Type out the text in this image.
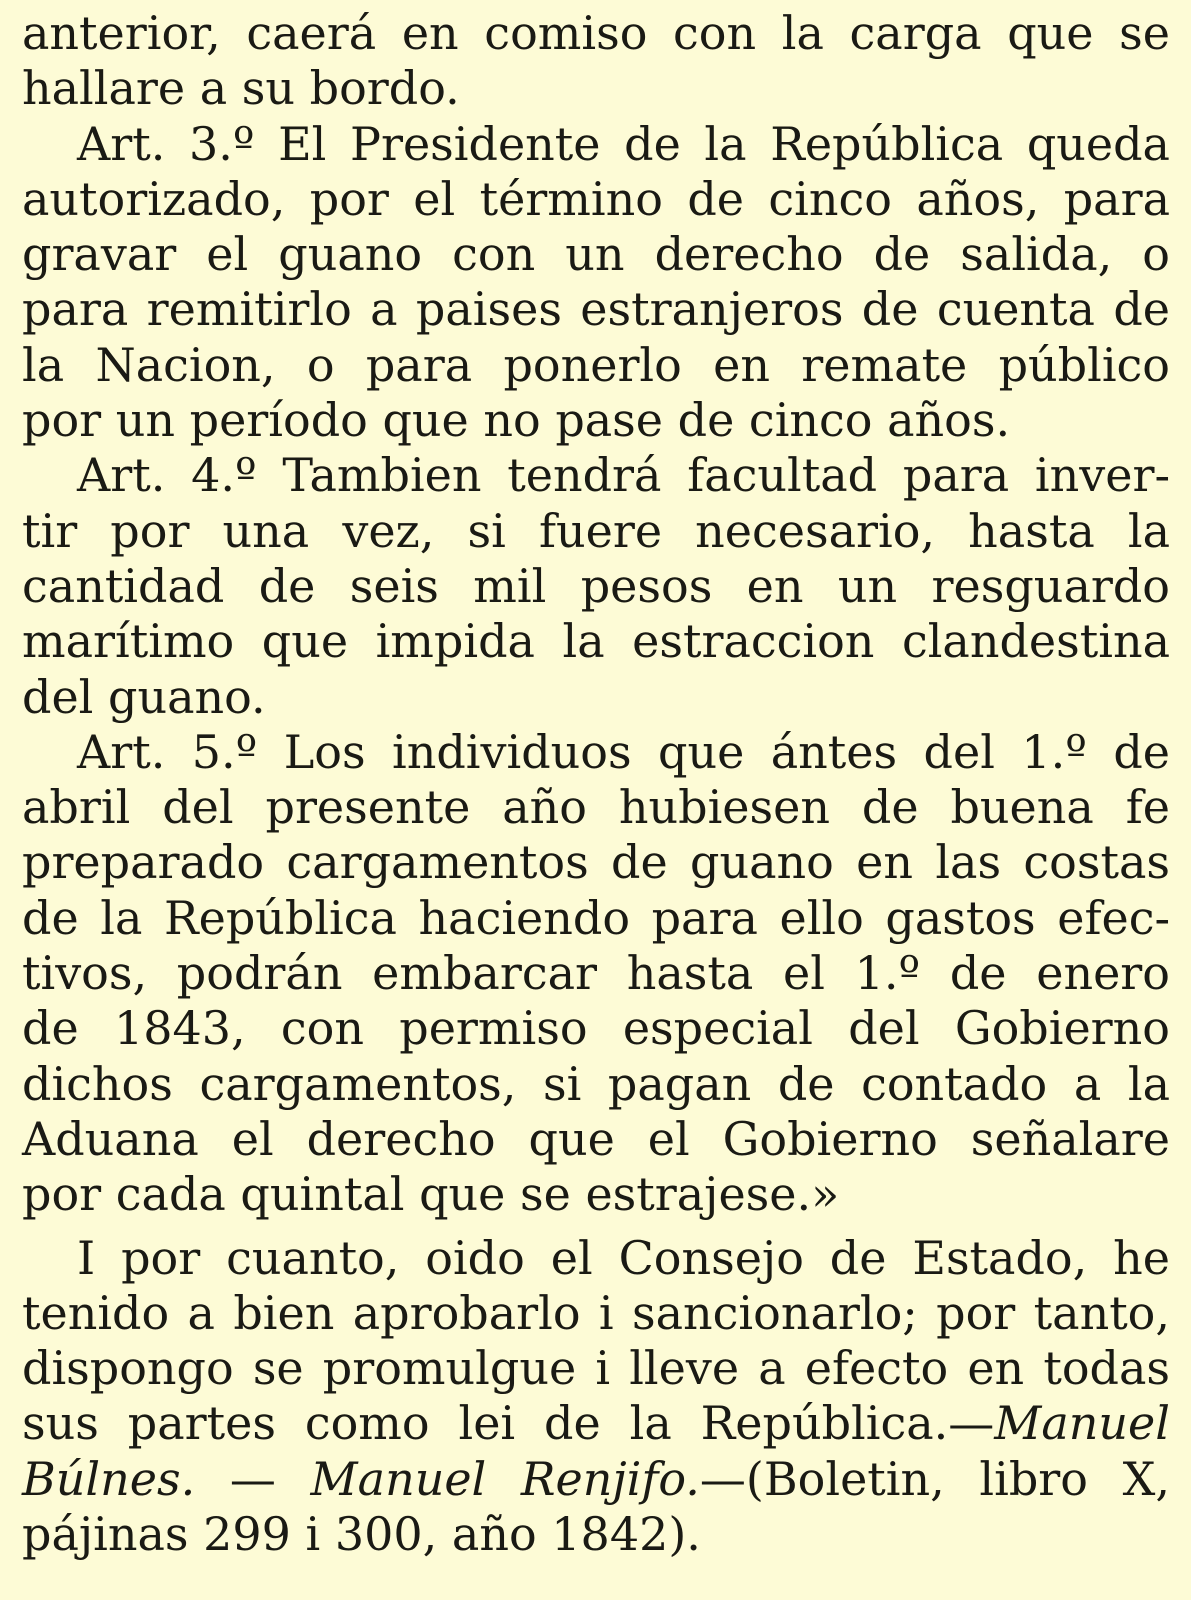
anterior, caerá en comiso con la carga que se
hallare a su bordo.
Art. 3.º El Presidente de la República queda
autorizado, por el término de cinco años, para
gravar el guano con un derecho de salida, o
para remitirlo a paises estranjeros de cuenta de
la Nacion, o para ponerlo en remate público
por un período que no pase de cinco años.
Art. 4.º Tambien tendrá facultad para inver-
tir por una vez, si fuere necesario, hasta la
cantidad de seis mil pesos en un resguardo
marítimo que impida la estraccion clandestina
del guano.
Art. 5.º Los individuos que ántes del 1.º de
abril del presente año hubiesen de buena fe
preparado cargamentos de guano en las costas
de la República haciendo para ello gastos efec-
tivos, podrán embarcar hasta el 1.º de enero
de 1843, con permiso especial del Gobierno
dichos cargamentos, si pagan de contado a la
Aduana el derecho que el Gobierno señalare
por cada quintal que se estrajese.»
I por cuanto, oido el Consejo de Estado, he
tenido a bien aprobarlo i sancionarlo; por tanto,
dispongo se promulgue i lleve a efecto en todas
sus partes como lei de la República.—Manuel
Búlnes. — Manuel Renjifo.—(Boletin, libro X,
pájinas 299 i 300, año 1842).
